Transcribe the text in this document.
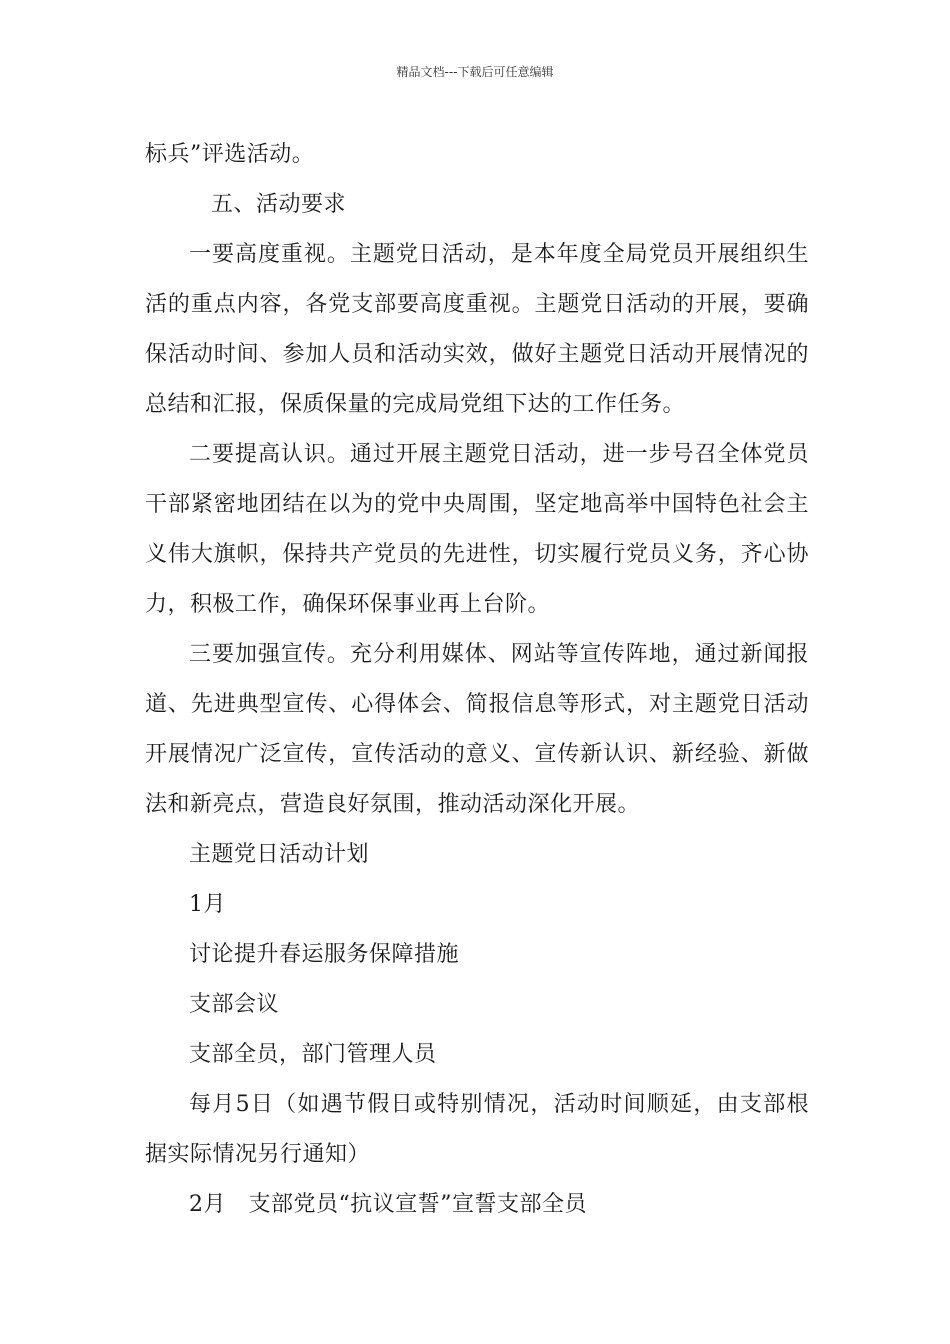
精品文档---下载后可任意编辑

标兵”评选活动。

五、活动要求

一要高度重视。主题党日活动，是本年度全局党员开展组织生活的重点内容，各党支部要高度重视。主题党日活动的开展，要确保活动时间、参加人员和活动实效，做好主题党日活动开展情况的总结和汇报，保质保量的完成局党组下达的工作任务。

二要提高认识。通过开展主题党日活动，进一步号召全体党员干部紧密地团结在以为的党中央周围，坚定地高举中国特色社会主义伟大旗帜，保持共产党员的先进性，切实履行党员义务，齐心协力，积极工作，确保环保事业再上台阶。

三要加强宣传。充分利用媒体、网站等宣传阵地，通过新闻报道、先进典型宣传、心得体会、简报信息等形式，对主题党日活动开展情况广泛宣传，宣传活动的意义、宣传新认识、新经验、新做法和新亮点，营造良好氛围，推动活动深化开展。

主题党日活动计划

1月

讨论提升春运服务保障措施

支部会议

支部全员，部门管理人员

每月5日（如遇节假日或特别情况，活动时间顺延，由支部根据实际情况另行通知）

2月　支部党员“抗议宣誓”宣誓支部全员
